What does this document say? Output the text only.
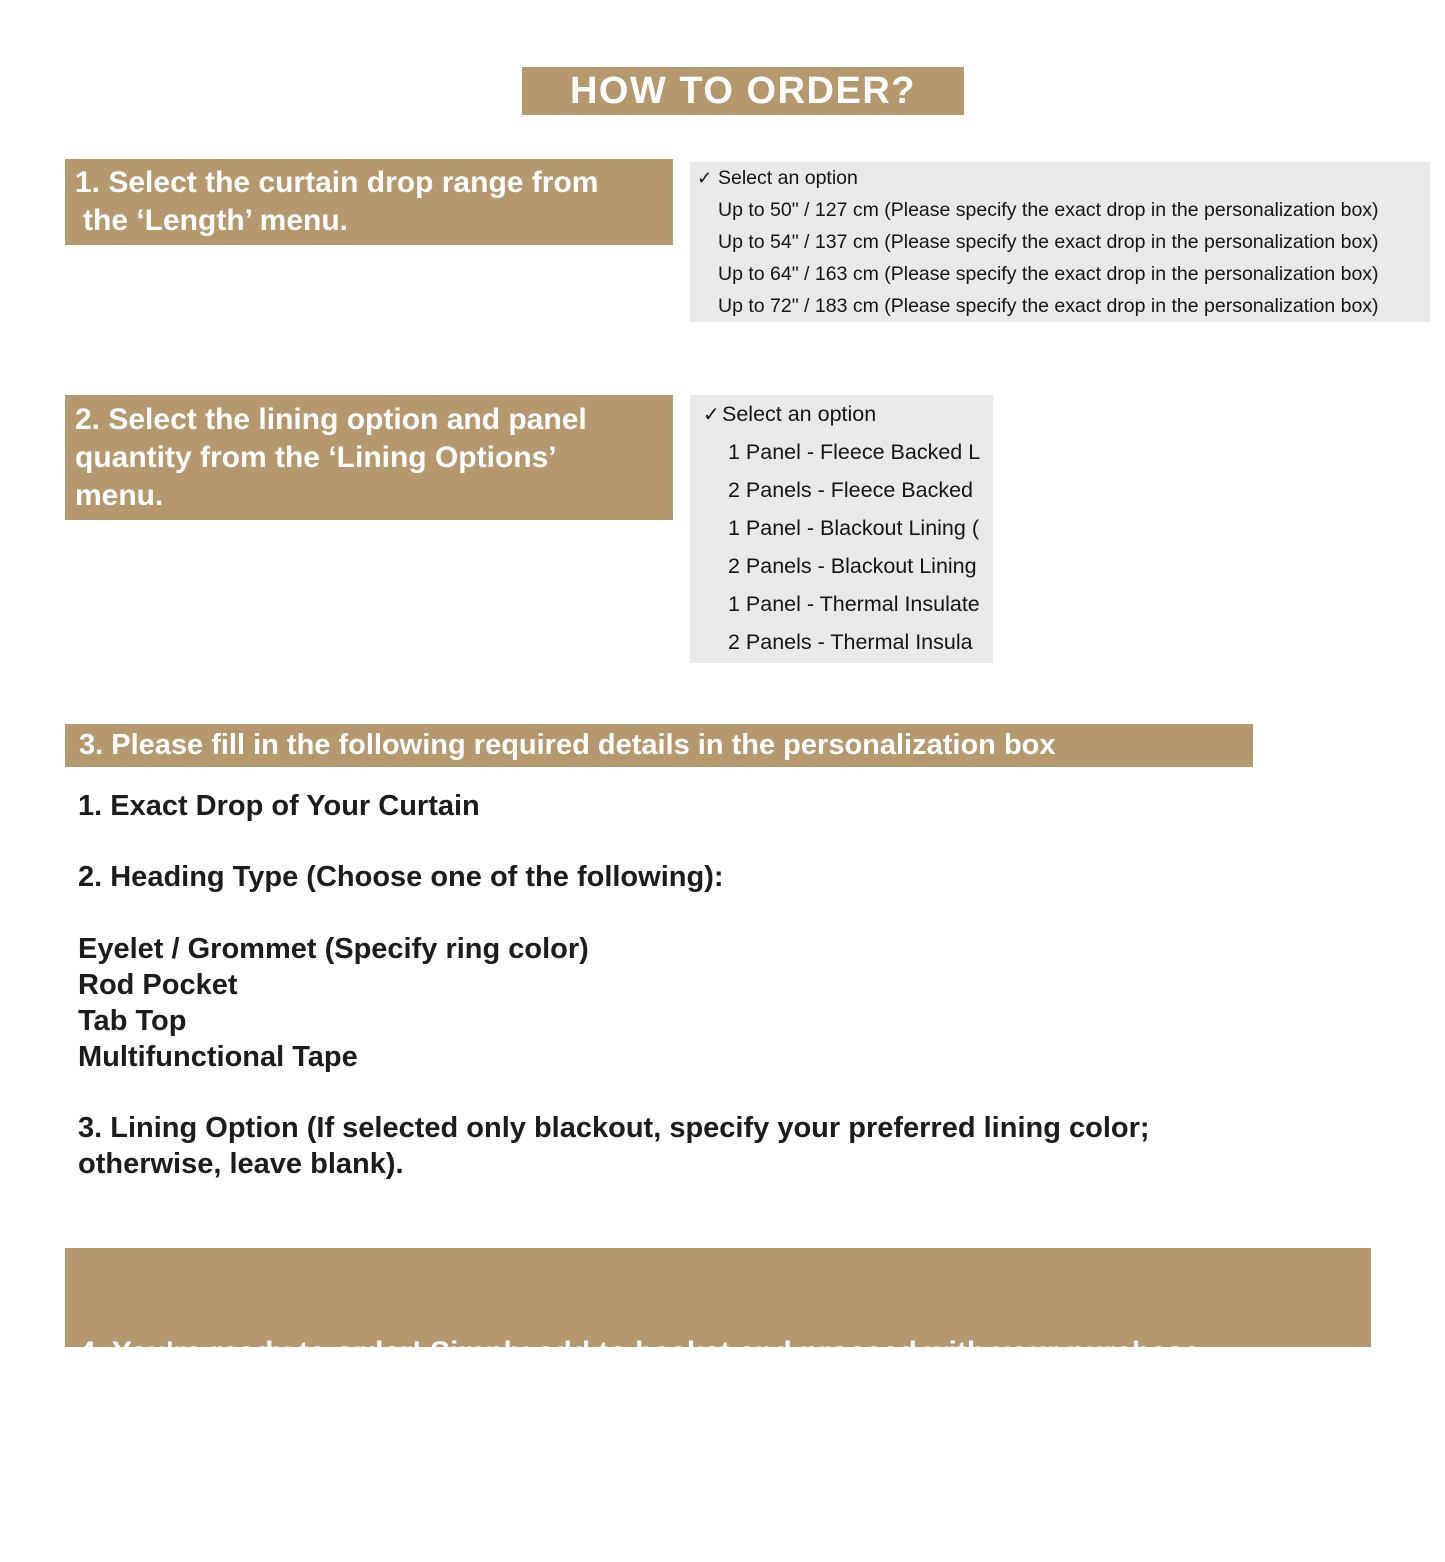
HOW TO ORDER?
1. Select the curtain drop range from
the ‘Length’ menu.
✓ Select an option
Up to 50" / 127 cm (Please specify the exact drop in the personalization box)
Up to 54" / 137 cm (Please specify the exact drop in the personalization box)
Up to 64" / 163 cm (Please specify the exact drop in the personalization box)
Up to 72" / 183 cm (Please specify the exact drop in the personalization box)
2. Select the lining option and panel
quantity from the ‘Lining Options’
menu.
✓ Select an option
1 Panel - Fleece Backed L
2 Panels - Fleece Backed
1 Panel - Blackout Lining (
2 Panels - Blackout Lining
1 Panel - Thermal Insulate
2 Panels - Thermal Insula
3. Please fill in the following required details in the personalization box
1. Exact Drop of Your Curtain
2. Heading Type (Choose one of the following):
Eyelet / Grommet (Specify ring color)
Rod Pocket
Tab Top
Multifunctional Tape
3. Lining Option (If selected only blackout, specify your preferred lining color;
otherwise, leave blank).

4. You're ready to order! Simply add to basket and proceed with your purchase.

If you have any questions, feel free to reach out.
